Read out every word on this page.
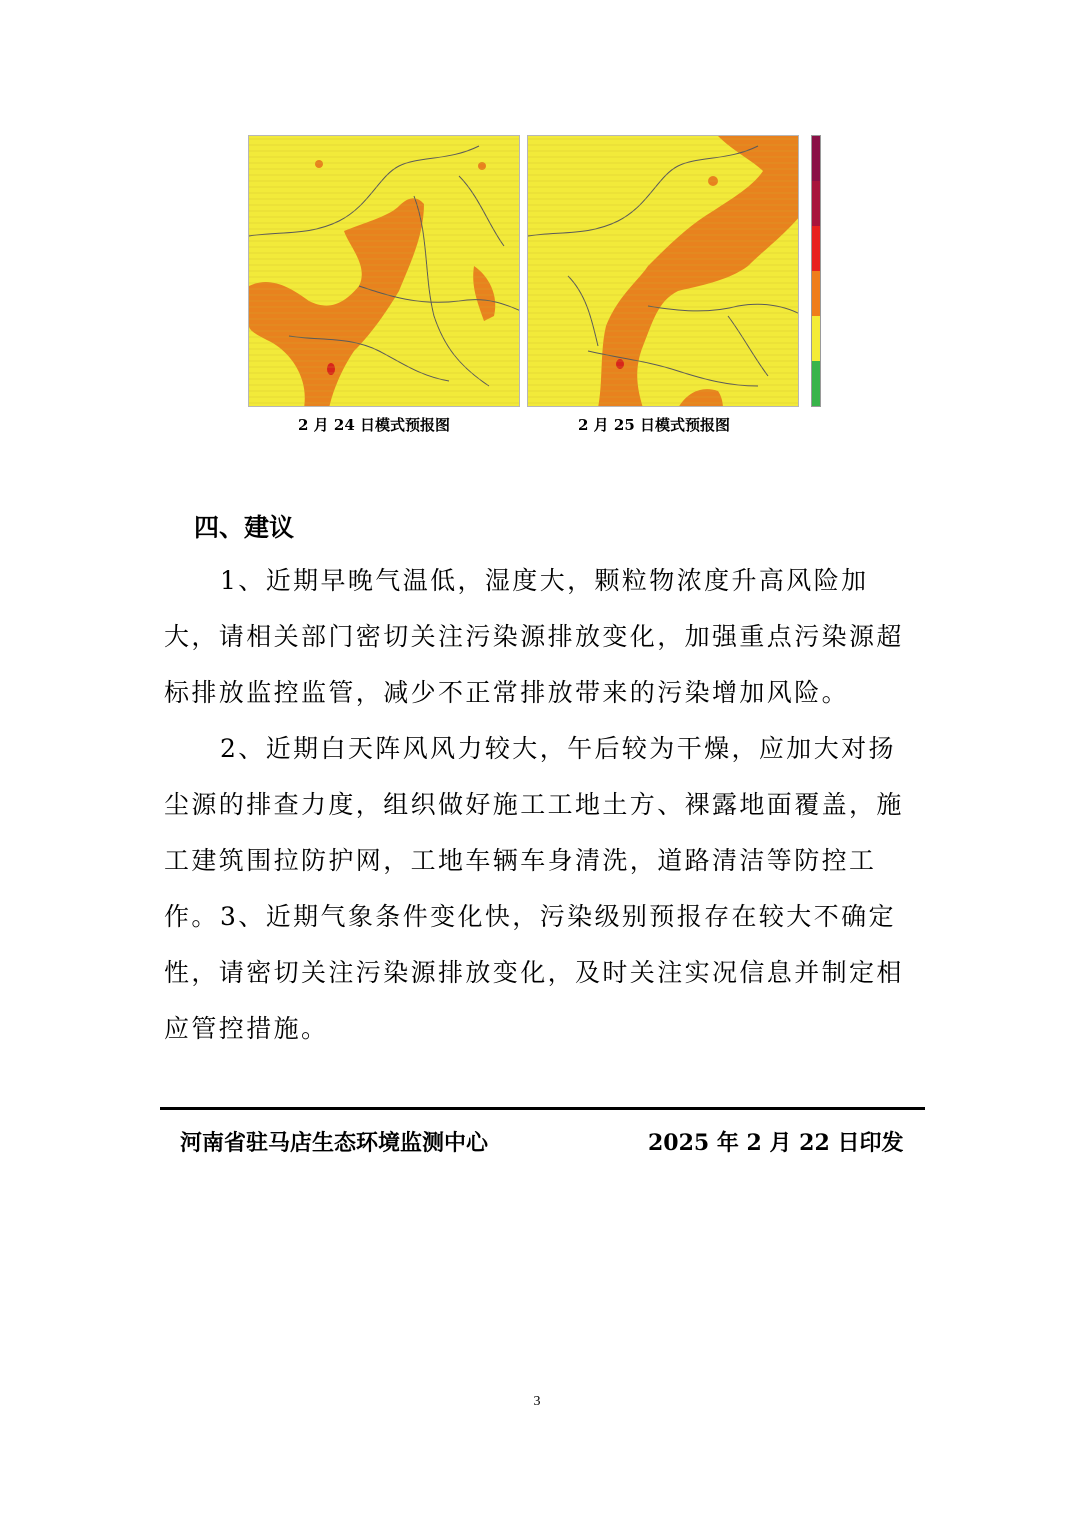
2 月 24 日模式预报图	2 月 25 日模式预报图
四、建议

1、近期早晚气温低，湿度大，颗粒物浓度升高风险加大，请相关部门密切关注污染源排放变化，加强重点污染源超标排放监控监管，减少不正常排放带来的污染增加风险。

2、近期白天阵风风力较大，午后较为干燥，应加大对扬尘源的排查力度，组织做好施工工地土方、裸露地面覆盖，施工建筑围拉防护网，工地车辆车身清洗，道路清洁等防控工作。 3、近期气象条件变化快，污染级别预报存在较大不确定性，请密切关注污染源排放变化，及时关注实况信息并制定相应管控措施。

河南省驻马店生态环境监测中心	2025 年 2 月 22 日印发
3
